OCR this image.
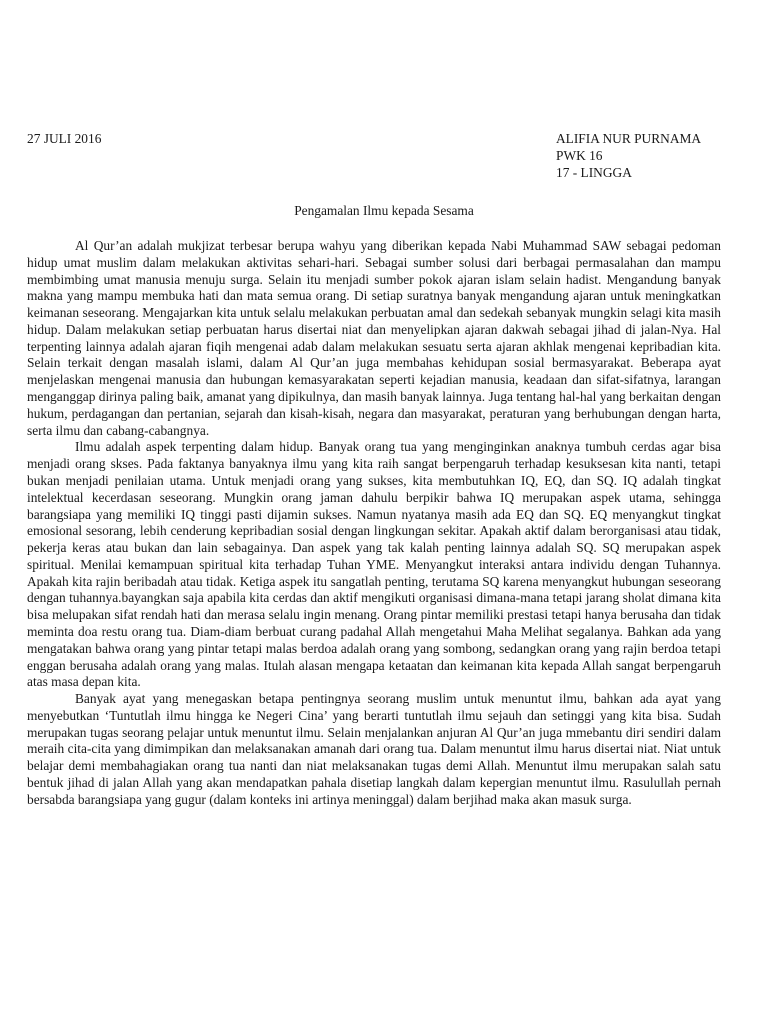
27 JULI 2016	ALIFIA NUR PURNAMA
PWK 16
17 - LINGGA
Pengamalan Ilmu kepada Sesama

Al Qur’an adalah mukjizat terbesar berupa wahyu yang diberikan kepada Nabi Muhammad SAW sebagai pedoman hidup umat muslim dalam melakukan aktivitas sehari-hari. Sebagai sumber solusi dari berbagai permasalahan dan mampu membimbing umat manusia menuju surga. Selain itu menjadi sumber pokok ajaran islam selain hadist. Mengandung banyak makna yang mampu membuka hati dan mata semua orang. Di setiap suratnya banyak mengandung ajaran untuk meningkatkan keimanan seseorang. Mengajarkan kita untuk selalu melakukan perbuatan amal dan sedekah sebanyak mungkin selagi kita masih hidup. Dalam melakukan setiap perbuatan harus disertai niat dan menyelipkan ajaran dakwah sebagai jihad di jalan-Nya. Hal terpenting lainnya adalah ajaran fiqih mengenai adab dalam melakukan sesuatu serta ajaran akhlak mengenai kepribadian kita. Selain terkait dengan masalah islami, dalam Al Qur’an juga membahas kehidupan sosial bermasyarakat. Beberapa ayat menjelaskan mengenai manusia dan hubungan kemasyarakatan seperti kejadian manusia, keadaan dan sifat-sifatnya, larangan menganggap dirinya paling baik, amanat yang dipikulnya, dan masih banyak lainnya. Juga tentang hal-hal yang berkaitan dengan hukum, perdagangan dan pertanian, sejarah dan kisah-kisah, negara dan masyarakat, peraturan yang berhubungan dengan harta, serta ilmu dan cabang-cabangnya.

Ilmu adalah aspek terpenting dalam hidup. Banyak orang tua yang menginginkan anaknya tumbuh cerdas agar bisa menjadi orang skses. Pada faktanya banyaknya ilmu yang kita raih sangat berpengaruh terhadap kesuksesan kita nanti, tetapi bukan menjadi penilaian utama. Untuk menjadi orang yang sukses, kita membutuhkan IQ, EQ, dan SQ. IQ adalah tingkat intelektual kecerdasan seseorang. Mungkin orang jaman dahulu berpikir bahwa IQ merupakan aspek utama, sehingga barangsiapa yang memiliki IQ tinggi pasti dijamin sukses. Namun nyatanya masih ada EQ dan SQ. EQ menyangkut tingkat emosional sesorang, lebih cenderung kepribadian sosial dengan lingkungan sekitar. Apakah aktif dalam berorganisasi atau tidak, pekerja keras atau bukan dan lain sebagainya. Dan aspek yang tak kalah penting lainnya adalah SQ. SQ merupakan aspek spiritual. Menilai kemampuan spiritual kita terhadap Tuhan YME. Menyangkut interaksi antara individu dengan Tuhannya. Apakah kita rajin beribadah atau tidak. Ketiga aspek itu sangatlah penting, terutama SQ karena menyangkut hubungan seseorang dengan tuhannya.bayangkan saja apabila kita cerdas dan aktif mengikuti organisasi dimana-mana tetapi jarang sholat dimana kita bisa melupakan sifat rendah hati dan merasa selalu ingin menang. Orang pintar memiliki prestasi tetapi hanya berusaha dan tidak meminta doa restu orang tua. Diam-diam berbuat curang padahal Allah mengetahui Maha Melihat segalanya. Bahkan ada yang mengatakan bahwa orang yang pintar tetapi malas berdoa adalah orang yang sombong, sedangkan orang yang rajin berdoa tetapi enggan berusaha adalah orang yang malas. Itulah alasan mengapa ketaatan dan keimanan kita kepada Allah sangat berpengaruh atas masa depan kita.

Banyak ayat yang menegaskan betapa pentingnya seorang muslim untuk menuntut ilmu, bahkan ada ayat yang menyebutkan ‘Tuntutlah ilmu hingga ke Negeri Cina’ yang berarti tuntutlah ilmu sejauh dan setinggi yang kita bisa. Sudah merupakan tugas seorang pelajar untuk menuntut ilmu. Selain menjalankan anjuran Al Qur’an juga mmebantu diri sendiri dalam meraih cita-cita yang dimimpikan dan melaksanakan amanah dari orang tua. Dalam menuntut ilmu harus disertai niat. Niat untuk belajar demi membahagiakan orang tua nanti dan niat melaksanakan tugas demi Allah. Menuntut ilmu merupakan salah satu bentuk jihad di jalan Allah yang akan mendapatkan pahala disetiap langkah dalam kepergian menuntut ilmu. Rasulullah pernah bersabda barangsiapa yang gugur (dalam konteks ini artinya meninggal) dalam berjihad maka akan masuk surga.
